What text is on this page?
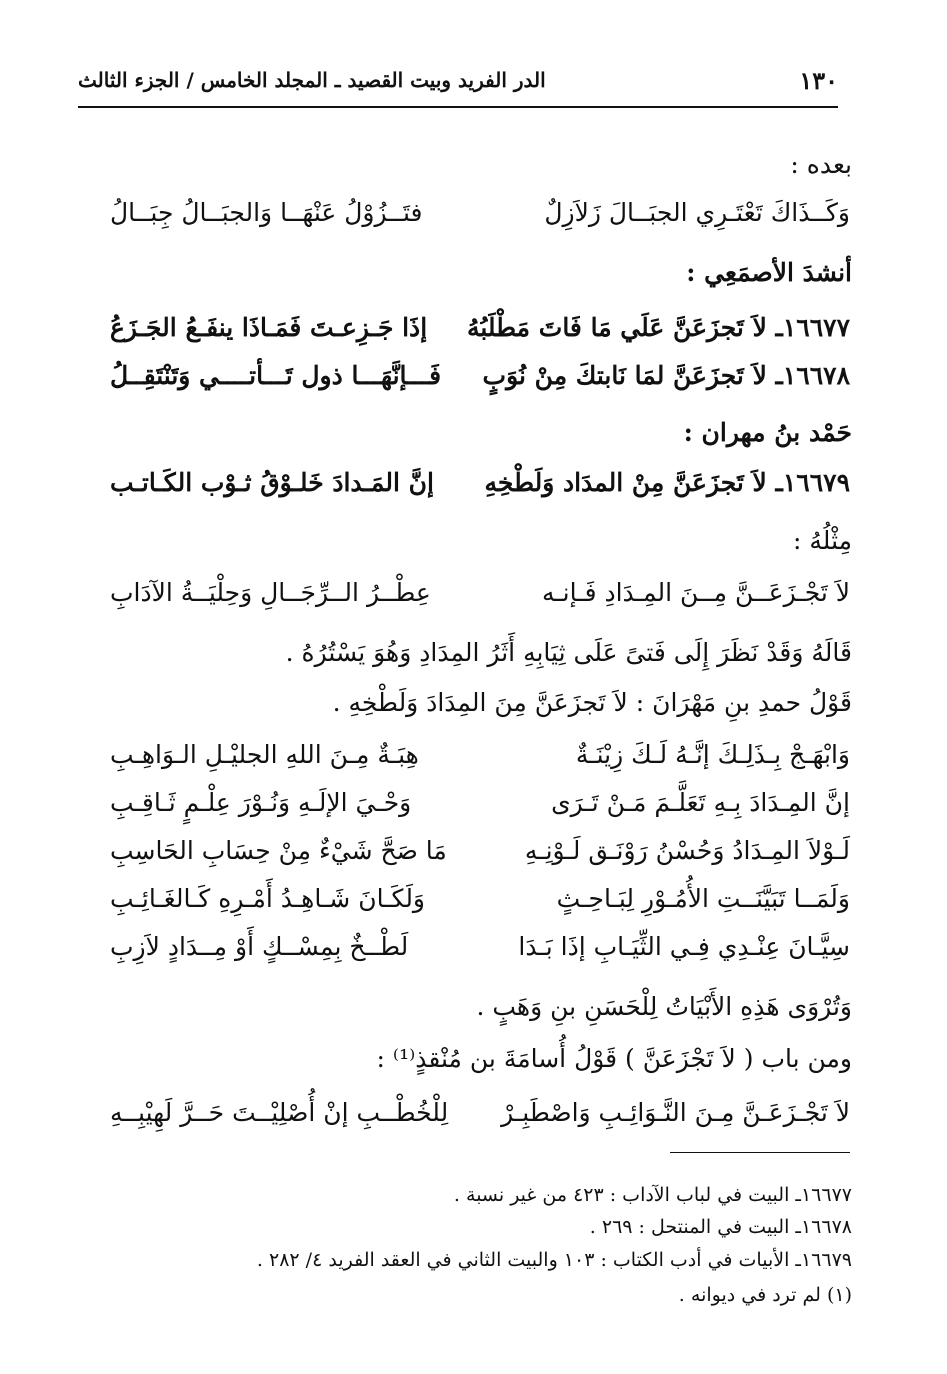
١٣٠
الدر الفريد وبيت القصيد ـ المجلد الخامس / الجزء الثالث
بعده :
وَكَــذَاكَ تَعْتَـرِي الجبَــالَ زَلاَزِلٌ
فتَــزُوْلُ عَنْهَــا وَالجبَــالُ جِبَــالُ
أنشدَ الأصمَعِي :
١٦٦٧٧ـ لاَ تَجزَعَنَّ عَلَي مَا فَاتَ مَطْلَبُهُ
إذَا جَـزِعـتَ فَمَـاذَا ينفَـعُ الجَـزَعُ
١٦٦٧٨ـ لاَ تَجزَعَنَّ لمَا نَابتكَ مِنْ نُوَبٍ
فَـــإنَّهَـــا ذول تَـــأتــــي وَتَنْتَقِــلُ
حَمْد بنُ مهران :
١٦٦٧٩ـ لاَ تَجزَعَنَّ مِنْ المدَاد وَلَطْخِهِ
إنَّ المَـدادَ خَلـوْقُ ثـوْب الكَـاتـب
مِثْلُهُ :
لاَ تَجْـزَعَــنَّ مِــنَ المِـدَادِ فَـإنـه
عِطْــرُ الــرِّجَــالِ وَحِلْيَــةُ الآدَابِ
قَالَهُ وَقَدْ نَظَرَ إِلَى فَتىً عَلَى ثِيَابِهِ أَثَرُ المِدَادِ وَهُوَ يَسْتُرُهُ .
قَوْلُ حمدِ بنِ مَهْرَانَ : لاَ تَجزَعَنَّ مِنَ المِدَادَ وَلَطْخِهِ .
وَابْهَـجْ بِـذَلِـكَ إنَّـهُ لَـكَ زِيْنَـةٌ
هِبَـةٌ مِـنَ اللهِ الجليْـلِ الـوَاهِـبِ
إنَّ المِـدَادَ بِـهِ تَعَلَّـمَ مَـنْ تَـرَى
وَحْـيَ الإلَـهِ وَنُـوْرَ عِلْـمٍ ثَـاقِـبِ
لَـوْلاَ المِـدَادُ وَحُسْنُ رَوْنَـق لَـوْنِـهِ
مَا صَحَّ شَيْءٌ مِنْ حِسَابِ الحَاسِبِ
وَلَمَــا تَبَيَّنَــتِ الأُمُـوْرِ لِبَـاحِـثٍ
وَلَكَـانَ شَـاهِـدُ أَمْـرِهِ كَـالغَـائِـبِ
سِيَّـانَ عِنْـدِي فِـي الثِّيَـابِ إذَا بَـدَا
لَطْــخٌ بِمِسْــكٍ أَوْ مِــدَادٍ لاَزِبِ
وَتُرْوَى هَذِهِ الأَبْيَاتُ لِلْحَسَنِ بنِ وَهَبٍ .
ومن باب ( لاَ تَجْزَعَنَّ ) قَوْلُ أُسامَةَ بن مُنْقذٍ⁽¹⁾ :
لاَ تَجْـزَعَـنَّ مِـنَ النَّـوَائِـبِ وَاصْطَبِـرْ
لِلْخُطْــبِ إنْ أُصْلِيْــتَ حَــرَّ لَهِيْبِــهِ
١٦٦٧٧ـ البيت في لباب الآداب : ٤٢٣ من غير نسبة .
١٦٦٧٨ـ البيت في المنتحل : ٢٦٩ .
١٦٦٧٩ـ الأبيات في أدب الكتاب : ١٠٣ والبيت الثاني في العقد الفريد ٤/ ٢٨٢ .
(١) لم ترد في ديوانه .
